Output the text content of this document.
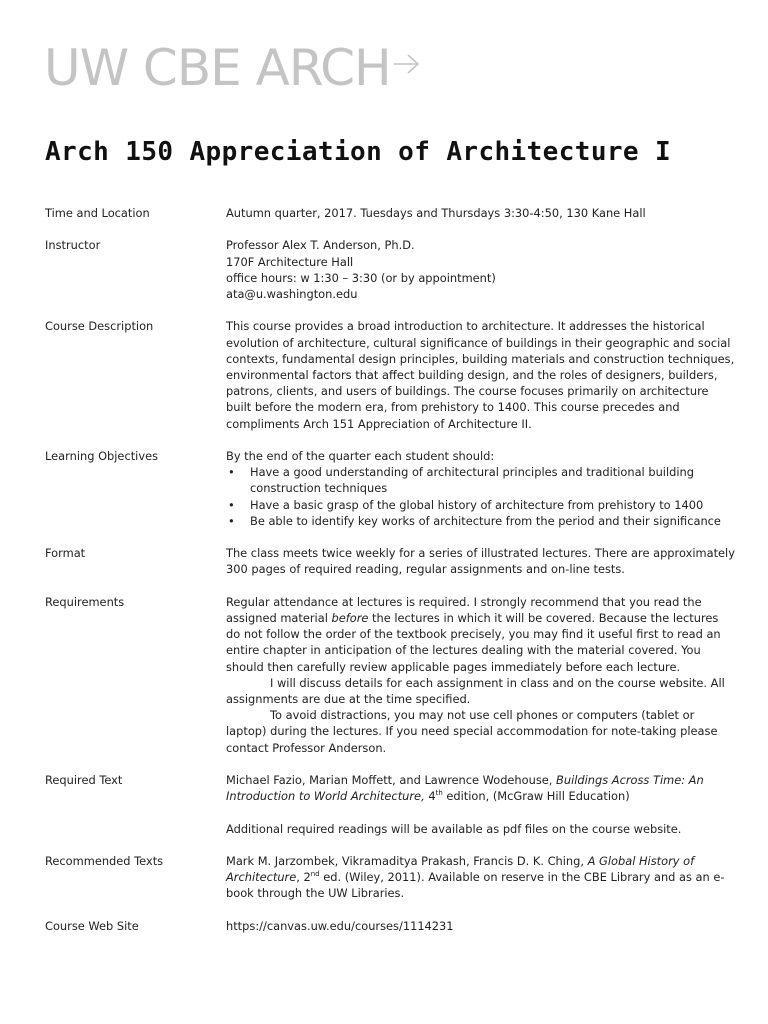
UW CBE ARCH
Arch 150 Appreciation of Architecture I
Time and Location	Autumn quarter, 2017. Tuesdays and Thursdays 3:30-4:50, 130 Kane Hall
Instructor	Professor Alex T. Anderson, Ph.D.

170F Architecture Hall

office hours: w 1:30 – 3:30 (or by appointment)

ata@u.washington.edu

Course Description	This course provides a broad introduction to architecture. It addresses the historical evolution of architecture, cultural significance of buildings in their geographic and social contexts, fundamental design principles, building materials and construction techniques, environmental factors that affect building design, and the roles of designers, builders, patrons, clients, and users of buildings. The course focuses primarily on architecture built before the modern era, from prehistory to 1400. This course precedes and compliments Arch 151 Appreciation of Architecture II.
Learning Objectives	By the end of the quarter each student should:

• Have a good understanding of architectural principles and traditional building construction techniques
• Have a basic grasp of the global history of architecture from prehistory to 1400
• Be able to identify key works of architecture from the period and their significance
Format	The class meets twice weekly for a series of illustrated lectures. There are approximately 300 pages of required reading, regular assignments and on-line tests.
Requirements	Regular attendance at lectures is required. I strongly recommend that you read the assigned material before the lectures in which it will be covered. Because the lectures do not follow the order of the textbook precisely, you may find it useful first to read an entire chapter in anticipation of the lectures dealing with the material covered. You should then carefully review applicable pages immediately before each lecture.

I will discuss details for each assignment in class and on the course website. All assignments are due at the time specified.

To avoid distractions, you may not use cell phones or computers (tablet or laptop) during the lectures. If you need special accommodation for note-taking please contact Professor Anderson.

Required Text	Michael Fazio, Marian Moffett, and Lawrence Wodehouse, Buildings Across Time: An Introduction to World Architecture, 4th edition, (McGraw Hill Education)

Additional required readings will be available as pdf files on the course website.

Recommended Texts	Mark M. Jarzombek, Vikramaditya Prakash, Francis D. K. Ching, A Global History of Architecture, 2nd ed. (Wiley, 2011). Available on reserve in the CBE Library and as an e-book through the UW Libraries.

Course Web Site	https://canvas.uw.edu/courses/1114231
